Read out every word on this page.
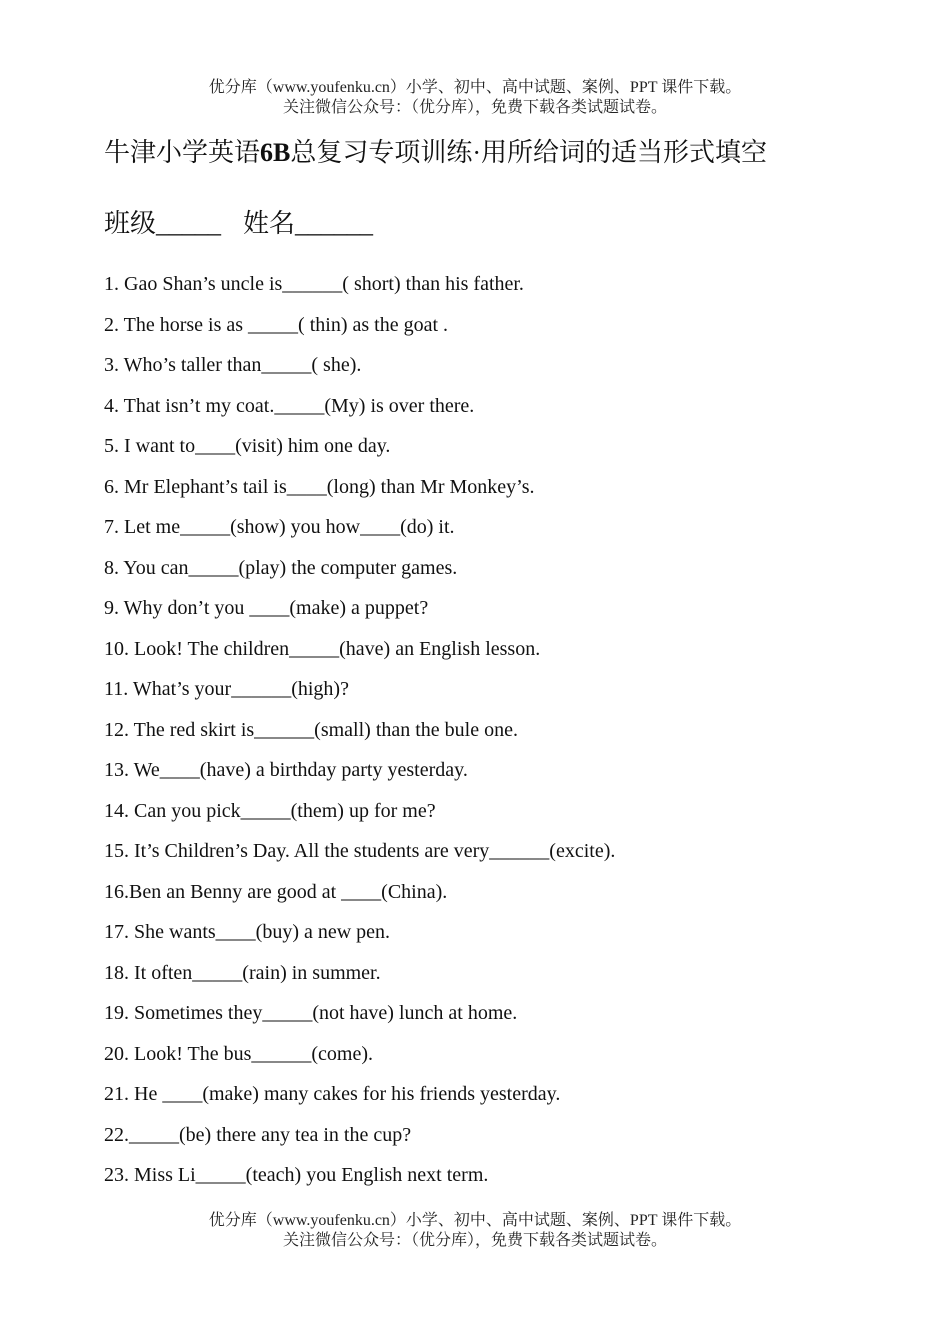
优分库（www.youfenku.cn）小学、初中、高中试题、案例、PPT 课件下载。
关注微信公众号：（优分库），免费下载各类试题试卷。
牛津小学英语6B总复习专项训练·用所给词的适当形式填空
班级_____ 姓名______
1. Gao Shan’s uncle is______( short) than his father.
2. The horse is as _____( thin) as the goat .
3. Who’s taller than_____( she).
4. That isn’t my coat._____(My) is over there.
5. I want to____(visit) him one day.
6. Mr Elephant’s tail is____(long) than Mr Monkey’s.
7. Let me_____(show) you how____(do) it.
8. You can_____(play) the computer games.
9. Why don’t you ____(make) a puppet?
10. Look! The children_____(have) an English lesson.
11. What’s your______(high)?
12. The red skirt is______(small) than the bule one.
13. We____(have) a birthday party yesterday.
14. Can you pick_____(them) up for me?
15. It’s Children’s Day. All the students are very______(excite).
16.Ben an Benny are good at ____(China).
17. She wants____(buy) a new pen.
18. It often_____(rain) in summer.
19. Sometimes they_____(not have) lunch at home.
20. Look! The bus______(come).
21. He ____(make) many cakes for his friends yesterday.
22._____(be) there any tea in the cup?
23. Miss Li_____(teach) you English next term.
优分库（www.youfenku.cn）小学、初中、高中试题、案例、PPT 课件下载。
关注微信公众号：（优分库），免费下载各类试题试卷。
